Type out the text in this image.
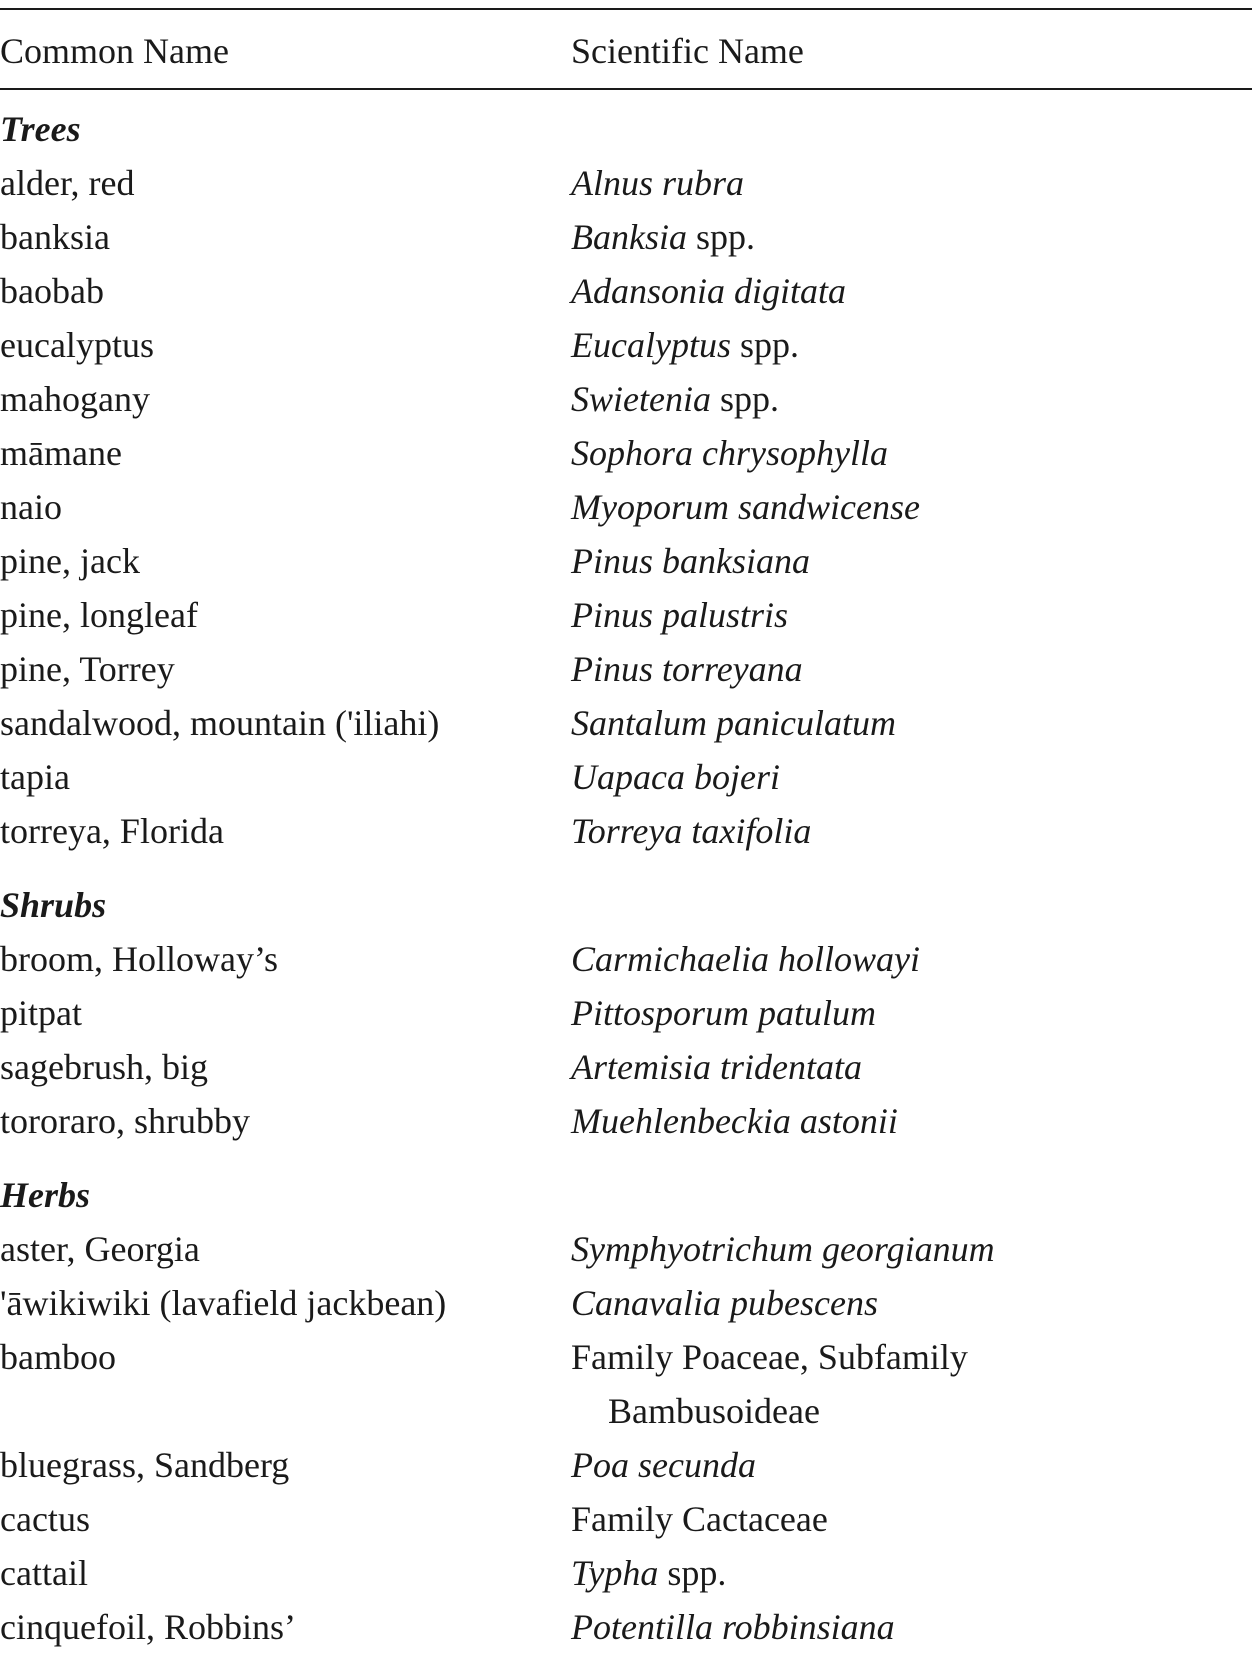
Common Name	Scientific Name
Trees
alder, red	Alnus rubra
banksia	Banksia spp.
baobab	Adansonia digitata
eucalyptus	Eucalyptus spp.
mahogany	Swietenia spp.
māmane	Sophora chrysophylla
naio	Myoporum sandwicense
pine, jack	Pinus banksiana
pine, longleaf	Pinus palustris
pine, Torrey	Pinus torreyana
sandalwood, mountain ('iliahi)	Santalum paniculatum
tapia	Uapaca bojeri
torreya, Florida	Torreya taxifolia
Shrubs
broom, Holloway’s	Carmichaelia hollowayi
pitpat	Pittosporum patulum
sagebrush, big	Artemisia tridentata
tororaro, shrubby	Muehlenbeckia astonii
Herbs
aster, Georgia	Symphyotrichum georgianum
'āwikiwiki (lavafield jackbean)	Canavalia pubescens
bamboo	Family Poaceae, Subfamily
Bambusoideae
bluegrass, Sandberg	Poa secunda
cactus	Family Cactaceae
cattail	Typha spp.
cinquefoil, Robbins’	Potentilla robbinsiana
